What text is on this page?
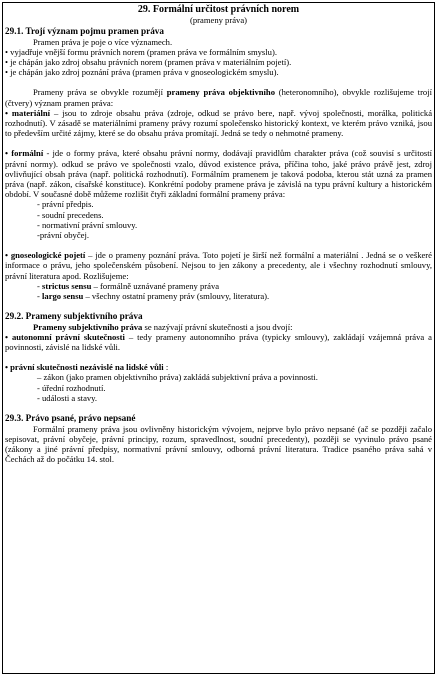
29. Formální určitost právních norem
(prameny práva)
29.1. Trojí význam pojmu pramen práva

Pramen práva je poje o více významech.

• vyjadřuje vnější formu právních norem (pramen práva ve formálním smyslu).
• je chápán jako zdroj obsahu právních norem (pramen práva v materiálním pojetí).
• je chápán jako zdroj poznání práva (pramen práva v gnoseologickém smyslu).

Prameny práva se obvykle rozumějí prameny práva objektivního (heteronomního), obvykle rozlišujeme trojí (čtvery) význam pramen práva:

• materiální – jsou to zdroje obsahu práva (zdroje, odkud se právo bere, např. vývoj společnosti, morálka, politická rozhodnutí). V zásadě se materiálními prameny právy rozumí společensko historický kontext, ve kterém právo vzniká, jsou to především určité zájmy, které se do obsahu práva promítají. Jedná se tedy o nehmotné prameny.

• formální - jde o formy práva, které obsahu právní normy, dodávají pravidlům charakter práva (což souvisí s určitostí právní normy). odkud se právo ve společnosti vzalo, důvod existence práva, příčina toho, jaké právo právě jest, zdroj ovlivňující obsah práva (např. politická rozhodnutí). Formálním pramenem je taková podoba, kterou stát uzná za pramen práva (např. zákon, císařské konstituce). Konkrétní podoby pramene práva je závislá na typu právní kultury a historickém období. V současné době můžeme rozlišit čtyři základní formální prameny práva:

- právní předpis.
- soudní precedens.
- normativní právní smlouvy.
-právní obyčej.

• gnoseologické pojetí – jde o prameny poznání práva. Toto pojetí je širší než formální a materiální . Jedná se o veškeré informace o právu, jeho společenském působení. Nejsou to jen zákony a precedenty, ale i všechny rozhodnutí smlouvy, právní literatura apod. Rozlišujeme:

- strictus sensu – formálně uznávané prameny práva
- largo sensu – všechny ostatní prameny práv (smlouvy, literatura).
29.2. Prameny subjektivního práva

Prameny subjektivního práva se nazývají právní skutečnosti a jsou dvojí:

• autonomní právní skutečnosti – tedy prameny autonomního práva (typicky smlouvy), zakládají vzájemná práva a povinnosti, závislé na lidské vůli.

• právní skutečnosti nezávislé na lidské vůli :

– zákon (jako pramen objektivního práva) zakládá subjektivní práva a povinnosti.
- úřední rozhodnutí.
- události a stavy.
29.3. Právo psané, právo nepsané

Formální prameny práva jsou ovlivněny historickým vývojem, nejprve bylo právo nepsané (ač se později začalo sepisovat, právní obyčeje, právní principy, rozum, spravedlnost, soudní precedenty), později se vyvinulo právo psané (zákony a jiné právní předpisy, normativní právní smlouvy, odborná právní literatura. Tradice psaného práva sahá v Čechách až do počátku 14. stol.
